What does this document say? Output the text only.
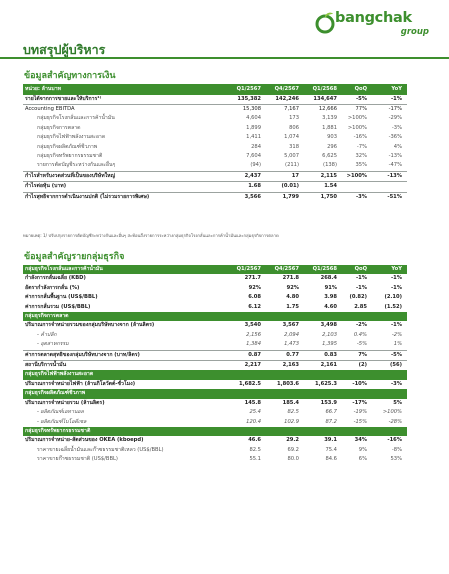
bangchak
group
บทสรุปผู้บริหาร
ข้อมูลสำคัญทางการเงิน
หน่วย: ล้านบาท	Q1/2567	Q4/2567	Q1/2568	QoQ	YoY
รายได้จากการขายและให้บริการ¹⁾	135,382	142,246	134,647	-5%	-1%
Accounting EBITDA	15,308	7,167	12,666	77%	-17%
กลุ่มธุรกิจโรงกลั่นและการค้าน้ำมัน	4,604	173	3,139	>100%	-29%
กลุ่มธุรกิจการตลาด	1,899	806	1,881	>100%	-3%
กลุ่มธุรกิจไฟฟ้าพลังงานสะอาด	1,411	1,074	903	-16%	-36%
กลุ่มธุรกิจผลิตภัณฑ์ชีวภาพ	284	318	296	-7%	4%
กลุ่มธุรกิจทรัพยากรธรรมชาติ	7,604	5,007	6,625	32%	-13%
รายการตัดบัญชีระหว่างกันและอื่นๆ	(94)	(211)	(138)	35%	-47%
กำไรสำหรับงวดส่วนที่เป็นของบริษัทใหญ่	2,437	17	2,115	>100%	-13%
กำไรต่อหุ้น (บาท)	1.68	(0.01)	1.54		
กำไรสุทธิจากการดำเนินงานปกติ (ไม่รวมรายการพิเศษ)	3,566	1,799	1,750	-3%	-51%
หมายเหตุ: 1/ ปรับปรุงรายการตัดบัญชีระหว่างกันและอื่นๆ สะท้อนถึงรายการระหว่างกลุ่มธุรกิจโรงกลั่นและการค้าน้ำมันและกลุ่มธุรกิจการตลาด
ข้อมูลสำคัญรายกลุ่มธุรกิจ
กลุ่มธุรกิจโรงกลั่นและการค้าน้ำมัน	Q1/2567	Q4/2567	Q1/2568	QoQ	YoY
กำลังการกลั่นเฉลี่ย (KBD)	271.7	271.8	268.4	-1%	-1%
อัตรากำลังการกลั่น (%)	92%	92%	91%	-1%	-1%
ค่าการกลั่นพื้นฐาน (US$/BBL)	6.08	4.80	3.98	(0.82)	(2.10)
ค่าการกลั่นรวม (US$/BBL)	6.12	1.75	4.60	2.85	(1.52)
กลุ่มธุรกิจการตลาด					
ปริมาณการจำหน่ายรวมของกลุ่มบริษัทบางจาก (ล้านลิตร)	3,540	3,567	3,498	-2%	-1%
- ค้าปลีก	2,156	2,094	2,103	0.4%	-2%
- อุตสาหกรรม	1,384	1,473	1,395	-5%	1%
ค่าการตลาดสุทธิของกลุ่มบริษัทบางจาก (บาท/ลิตร)	0.87	0.77	0.83	7%	-5%
สถานีบริการน้ำมัน	2,217	2,163	2,161	(2)	(56)
กลุ่มธุรกิจไฟฟ้าพลังงานสะอาด					
ปริมาณการจำหน่ายไฟฟ้า (ล้านกิโลวัตต์-ชั่วโมง)	1,682.5	1,803.6	1,625.3	-10%	-3%
กลุ่มธุรกิจผลิตภัณฑ์ชีวภาพ					
ปริมาณการจำหน่ายรวม (ล้านลิตร)	145.8	185.4	153.9	-17%	5%
- ผลิตภัณฑ์เอทานอล	25.4	82.5	66.7	-19%	>100%
- ผลิตภัณฑ์ไบโอดีเซล	120.4	102.9	87.2	-15%	-28%
กลุ่มธุรกิจทรัพยากรธรรมชาติ					
ปริมาณการจำหน่าย-สัดส่วนของ OKEA (kboepd)	46.6	29.2	39.1	34%	-16%
ราคาขายเฉลี่ยน้ำมันและก๊าซธรรมชาติเหลว (US$/BBL)	82.5	69.2	75.4	9%	-8%
ราคาขายก๊าซธรรมชาติ (US$/BBL)	55.1	80.0	84.6	6%	53%
